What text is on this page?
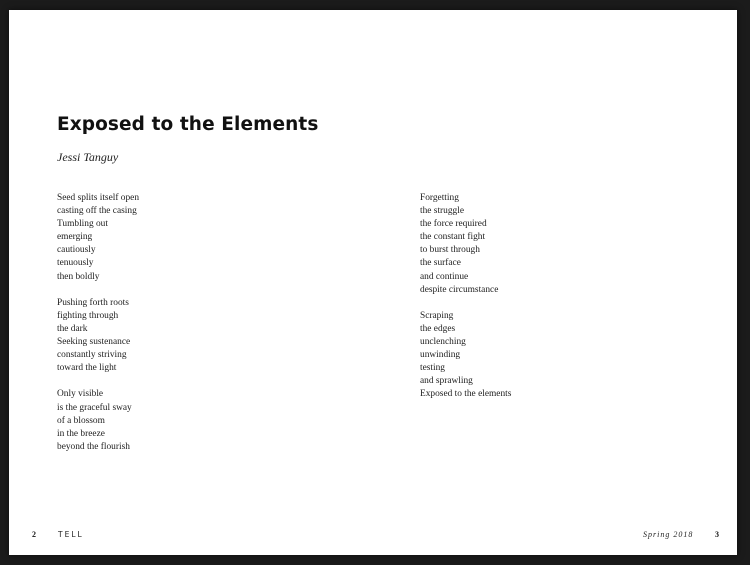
Exposed to the Elements
Jessi Tanguy
Seed splits itself open
casting off the casing
Tumbling out
emerging
cautiously
tenuously
then boldly
Pushing forth roots
fighting through
the dark
Seeking sustenance
constantly striving
toward the light
Only visible
is the graceful sway
of a blossom
in the breeze
beyond the flourish
Forgetting
the struggle
the force required
the constant fight
to burst through
the surface
and continue
despite circumstance
Scraping
the edges
unclenching
unwinding
testing
and sprawling
Exposed to the elements
2	TELL	Spring 2018	3
